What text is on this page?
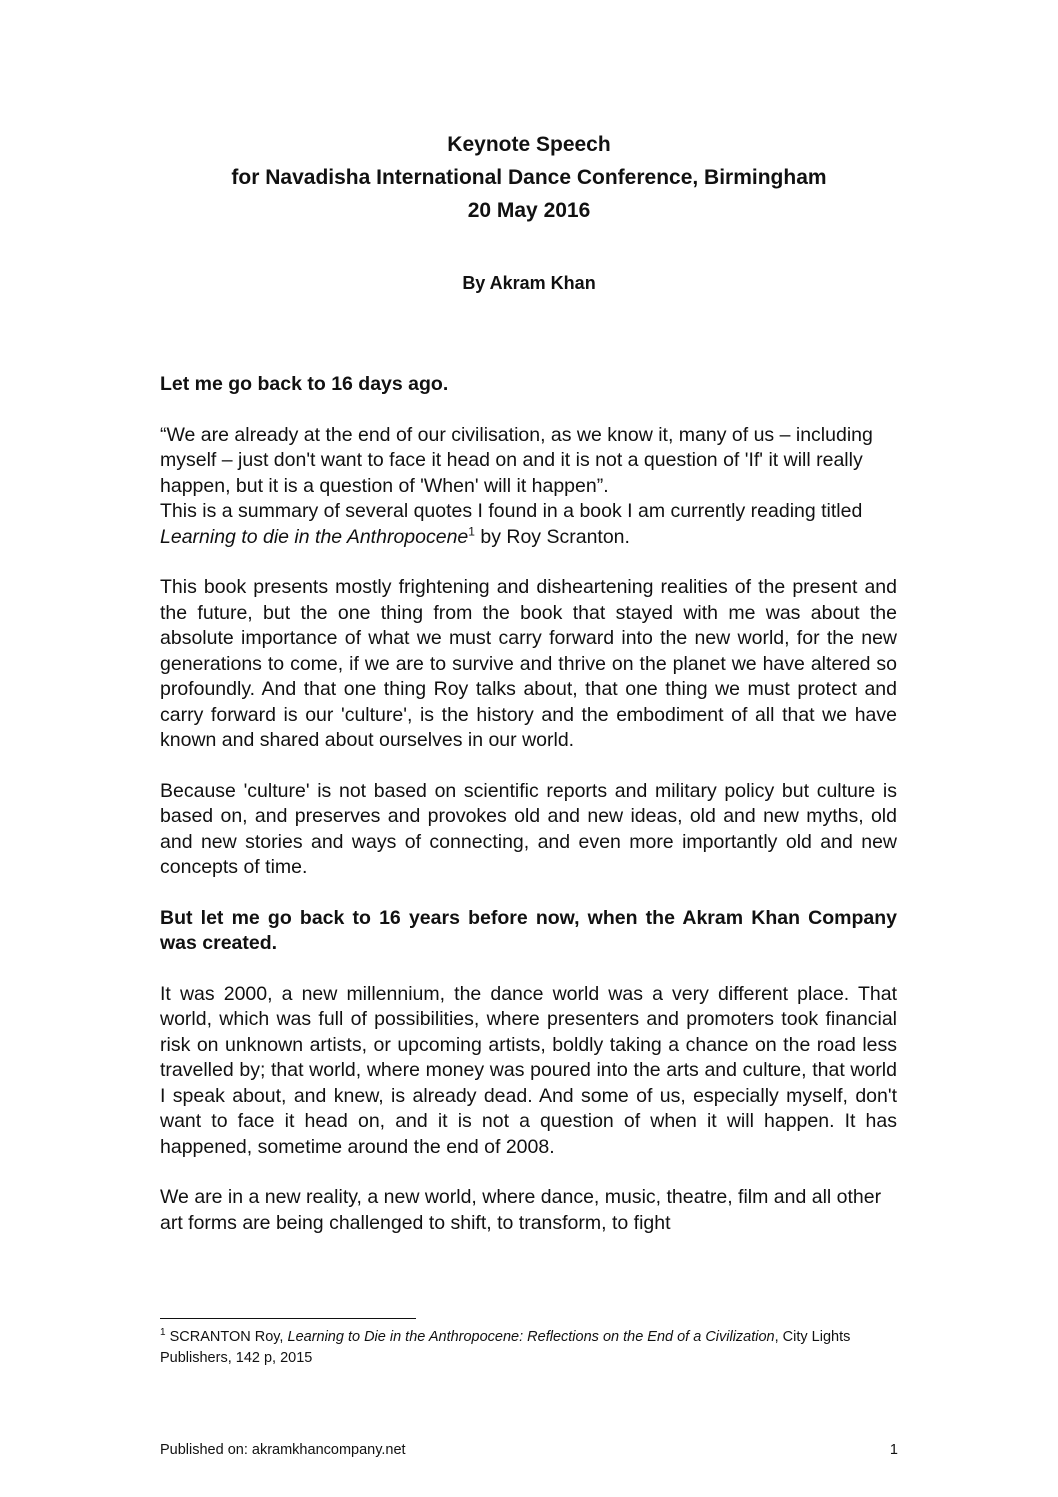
Keynote Speech
for Navadisha International Dance Conference, Birmingham
20 May 2016
By Akram Khan

Let me go back to 16 days ago.

“We are already at the end of our civilisation, as we know it, many of us – including myself – just don't want to face it head on and it is not a question of 'If' it will really happen, but it is a question of 'When' will it happen”.
This is a summary of several quotes I found in a book I am currently reading titled Learning to die in the Anthropocene$^1$ by Roy Scranton.

This book presents mostly frightening and disheartening realities of the present and the future, but the one thing from the book that stayed with me was about the absolute importance of what we must carry forward into the new world, for the new generations to come, if we are to survive and thrive on the planet we have altered so profoundly. And that one thing Roy talks about, that one thing we must protect and carry forward is our 'culture', is the history and the embodiment of all that we have known and shared about ourselves in our world.

Because 'culture' is not based on scientific reports and military policy but culture is based on, and preserves and provokes old and new ideas, old and new myths, old and new stories and ways of connecting, and even more importantly old and new concepts of time.

But let me go back to 16 years before now, when the Akram Khan Company was created.

It was 2000, a new millennium, the dance world was a very different place. That world, which was full of possibilities, where presenters and promoters took financial risk on unknown artists, or upcoming artists, boldly taking a chance on the road less travelled by; that world, where money was poured into the arts and culture, that world I speak about, and knew, is already dead. And some of us, especially myself, don't want to face it head on, and it is not a question of when it will happen. It has happened, sometime around the end of 2008.

We are in a new reality, a new world, where dance, music, theatre, film and all other art forms are being challenged to shift, to transform, to fight

$^1$ SCRANTON Roy, Learning to Die in the Anthropocene: Reflections on the End of a Civilization, City Lights Publishers, 142 p, 2015
Published on: akramkhancompany.net	1
